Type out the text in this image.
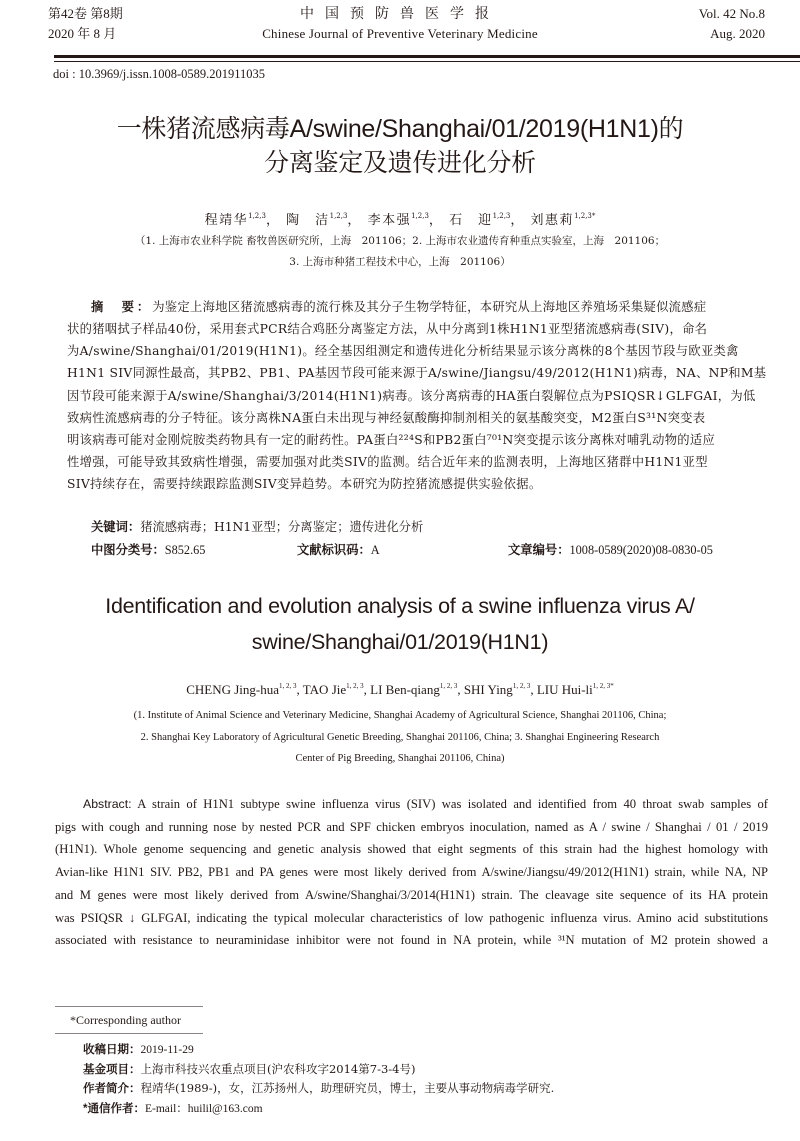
第42卷 第8期
2020 年 8 月
中国预防兽医学报
Chinese Journal of Preventive Veterinary Medicine
Vol. 42 No.8
Aug. 2020
doi : 10.3969/j.issn.1008-0589.201911035
一株猪流感病毒A/swine/Shanghai/01/2019(H1N1)的
分离鉴定及遗传进化分析
程靖华$^{1,2,3}$， 陶　洁$^{1,2,3}$， 李本强$^{1,2,3}$， 石　迎$^{1,2,3}$， 刘惠莉$^{1,2,3*}$
（1. 上海市农业科学院 畜牧兽医研究所，上海　201106；2. 上海市农业遗传育种重点实验室，上海　201106；
3. 上海市种猪工程技术中心，上海　201106）
摘　要：为鉴定上海地区猪流感病毒的流行株及其分子生物学特征，本研究从上海地区养殖场采集疑似流感症
状的猪咽拭子样品40份，采用套式PCR结合鸡胚分离鉴定方法，从中分离到1株H1N1亚型猪流感病毒(SIV)，命名
为A/swine/Shanghai/01/2019(H1N1)。经全基因组测定和遗传进化分析结果显示该分离株的8个基因节段与欧亚类禽
H1N1 SIV同源性最高，其PB2、PB1、PA基因节段可能来源于A/swine/Jiangsu/49/2012(H1N1)病毒，NA、NP和M基
因节段可能来源于A/swine/Shanghai/3/2014(H1N1)病毒。该分离病毒的HA蛋白裂解位点为PSIQSR↓GLFGAI，为低
致病性流感病毒的分子特征。该分离株NA蛋白未出现与神经氨酸酶抑制剂相关的氨基酸突变，M2蛋白S³¹N突变表
明该病毒可能对金刚烷胺类药物具有一定的耐药性。PA蛋白²²⁴S和PB2蛋白⁷⁰¹N突变提示该分离株对哺乳动物的适应
性增强，可能导致其致病性增强，需要加强对此类SIV的监测。结合近年来的监测表明，上海地区猪群中H1N1亚型
SIV持续存在，需要持续跟踪监测SIV变异趋势。本研究为防控猪流感提供实验依据。
关键词：猪流感病毒；H1N1亚型；分离鉴定；遗传进化分析
中图分类号：S852.65	文献标识码：A	文章编号：1008-0589(2020)08-0830-05
Identification and evolution analysis of a swine influenza virus A/
swine/Shanghai/01/2019(H1N1)
CHENG Jing-hua$^{1, 2, 3}$, TAO Jie$^{1, 2, 3}$, LI Ben-qiang$^{1, 2, 3}$, SHI Ying$^{1, 2, 3}$, LIU Hui-$li^{1, 2, 3*}$
(1. Institute of Animal Science and Veterinary Medicine, Shanghai Academy of Agricultural Science, Shanghai 201106, China;
2. Shanghai Key Laboratory of Agricultural Genetic Breeding, Shanghai 201106, China; 3. Shanghai Engineering Research
Center of Pig Breeding, Shanghai 201106, China)

Abstract: A strain of H1N1 subtype swine influenza virus (SIV) was isolated and identified from 40 throat swab samples of

pigs with cough and running nose by nested PCR and SPF chicken embryos inoculation, named as A / swine / Shanghai / 01 / 2019

(H1N1). Whole genome sequencing and genetic analysis showed that eight segments of this strain had the highest homology with

Avian-like H1N1 SIV. PB2, PB1 and PA genes were most likely derived from A/swine/Jiangsu/49/2012(H1N1) strain, while NA, NP

and M genes were most likely derived from A/swine/Shanghai/3/2014(H1N1) strain. The cleavage site sequence of its HA protein

was PSIQSR ↓ GLFGAI, indicating the typical molecular characteristics of low pathogenic influenza virus. Amino acid substitutions

associated with resistance to neuraminidase inhibitor were not found in NA protein, while ³¹N mutation of M2 protein showed a

*Corresponding author
收稿日期：2019-11-29
基金项目：上海市科技兴农重点项目(沪农科攻字2014第7-3-4号)
作者简介：程靖华(1989-)，女，江苏扬州人，助理研究员，博士，主要从事动物病毒学研究.
*通信作者：E-mail：huilil@163.com
